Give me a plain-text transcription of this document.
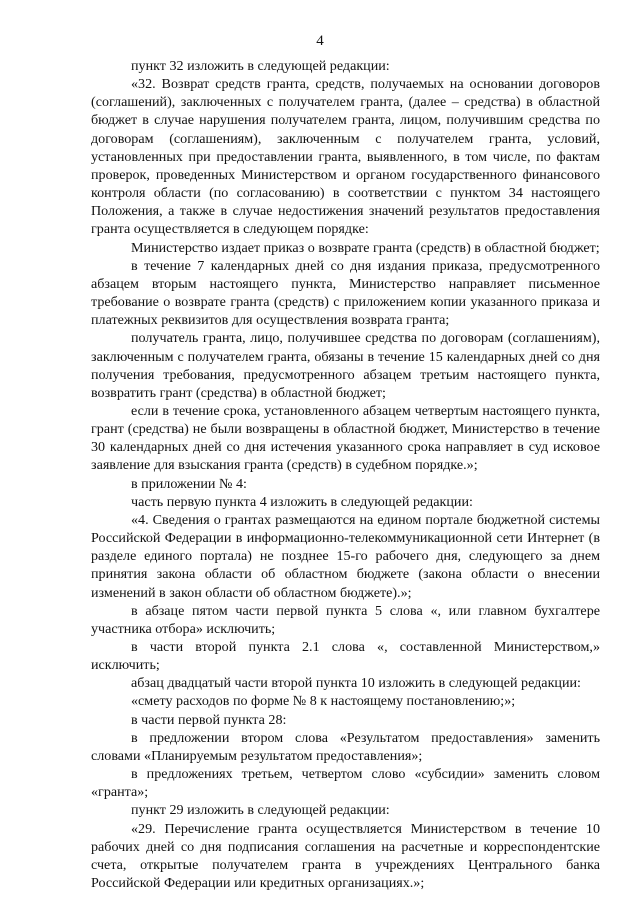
4

пункт 32 изложить в следующей редакции:

«32. Возврат средств гранта, средств, получаемых на основании договоров (соглашений), заключенных с получателем гранта, (далее – средства) в областной бюджет в случае нарушения получателем гранта, лицом, получившим средства по договорам (соглашениям), заключенным с получателем гранта, условий, установленных при предоставлении гранта, выявленного, в том числе, по фактам проверок, проведенных Министерством и органом государственного финансового контроля области (по согласованию) в соответствии с пунктом 34 настоящего Положения, а также в случае недостижения значений результатов предоставления гранта осуществляется в следующем порядке:

Министерство издает приказ о возврате гранта (средств) в областной бюджет;

в течение 7 календарных дней со дня издания приказа, предусмотренного абзацем вторым настоящего пункта, Министерство направляет письменное требование о возврате гранта (средств) с приложением копии указанного приказа и платежных реквизитов для осуществления возврата гранта;

получатель гранта, лицо, получившее средства по договорам (соглашениям), заключенным с получателем гранта, обязаны в течение 15 календарных дней со дня получения требования, предусмотренного абзацем третьим настоящего пункта, возвратить грант (средства) в областной бюджет;

если в течение срока, установленного абзацем четвертым настоящего пункта, грант (средства) не были возвращены в областной бюджет, Министерство в течение 30 календарных дней со дня истечения указанного срока направляет в суд исковое заявление для взыскания гранта (средств) в судебном порядке.»;

в приложении № 4:

часть первую пункта 4 изложить в следующей редакции:

«4. Сведения о грантах размещаются на едином портале бюджетной системы Российской Федерации в информационно-телекоммуникационной сети Интернет (в разделе единого портала) не позднее 15-го рабочего дня, следующего за днем принятия закона области об областном бюджете (закона области о внесении изменений в закон области об областном бюджете).»;

в абзаце пятом части первой пункта 5 слова «, или главном бухгалтере участника отбора» исключить;

в части второй пункта 2.1 слова «, составленной Министерством,» исключить;

абзац двадцатый части второй пункта 10 изложить в следующей редакции:

«смету расходов по форме № 8 к настоящему постановлению;»;

в части первой пункта 28:

в предложении втором слова «Результатом предоставления» заменить словами «Планируемым результатом предоставления»;

в предложениях третьем, четвертом слово «субсидии» заменить словом «гранта»;

пункт 29 изложить в следующей редакции:

«29. Перечисление гранта осуществляется Министерством в течение 10 рабочих дней со дня подписания соглашения на расчетные и корреспондентские счета, открытые получателем гранта в учреждениях Центрального банка Российской Федерации или кредитных организациях.»;
